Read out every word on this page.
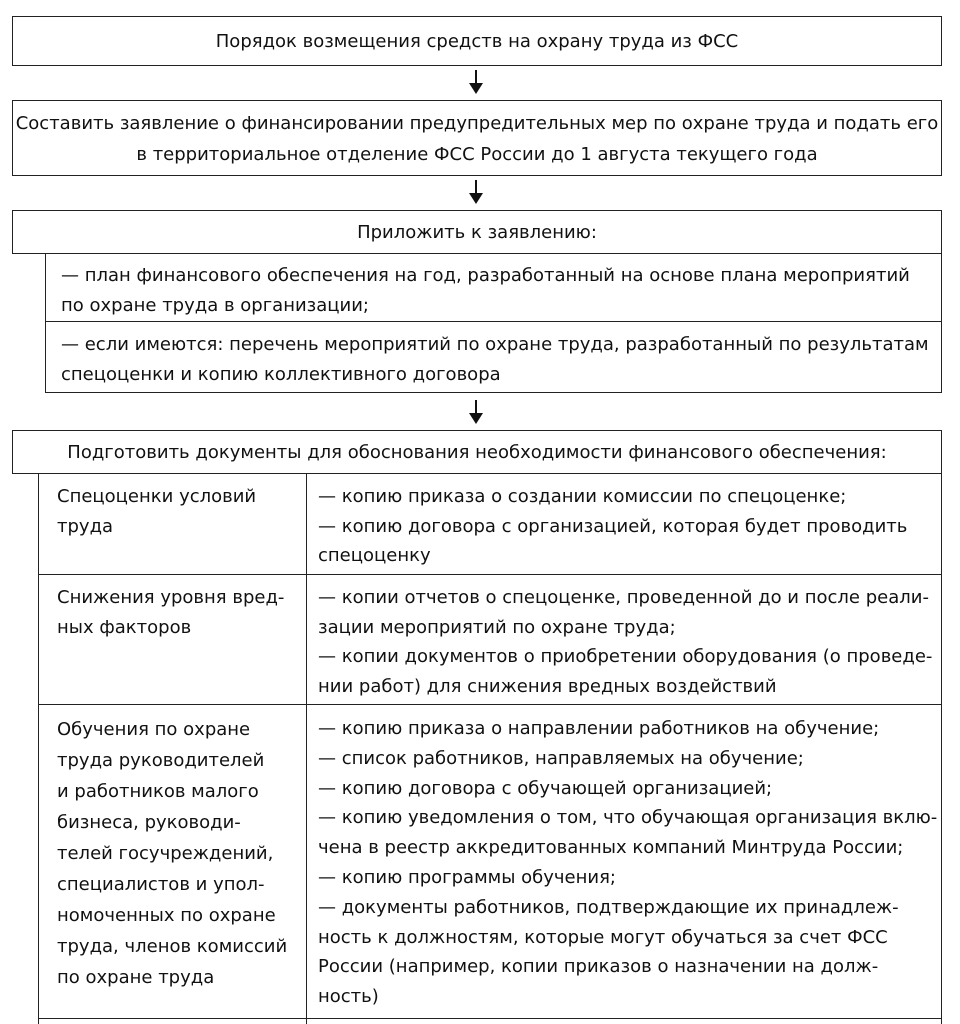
Порядок возмещения средств на охрану труда из ФСС
Составить заявление о финансировании предупредительных мер по охране труда и подать его
в территориальное отделение ФСС России до 1 августа текущего года
Приложить к заявлению:
— план финансового обеспечения на год, разработанный на основе плана мероприятий
по охране труда в организации;
— если имеются: перечень мероприятий по охране труда, разработанный по результатам
спецоценки и копию коллективного договора
Подготовить документы для обоснования необходимости финансового обеспечения:
Спецоценки условий
труда
— копию приказа о создании комиссии по спецоценке;
— копию договора с организацией, которая будет проводить
спецоценку
Снижения уровня вред-
ных факторов
— копии отчетов о спецоценке, проведенной до и после реали-
зации мероприятий по охране труда;
— копии документов о приобретении оборудования (о проведе-
нии работ) для снижения вредных воздействий
Обучения по охране
труда руководителей
и работников малого
бизнеса, руководи-
телей госучреждений,
специалистов и упол-
номоченных по охране
труда, членов комиссий
по охране труда
— копию приказа о направлении работников на обучение;
— список работников, направляемых на обучение;
— копию договора с обучающей организацией;
— копию уведомления о том, что обучающая организация вклю-
чена в реестр аккредитованных компаний Минтруда России;
— копию программы обучения;
— документы работников, подтверждающие их принадлеж-
ность к должностям, которые могут обучаться за счет ФСС
России (например, копии приказов о назначении на долж-
ность)
